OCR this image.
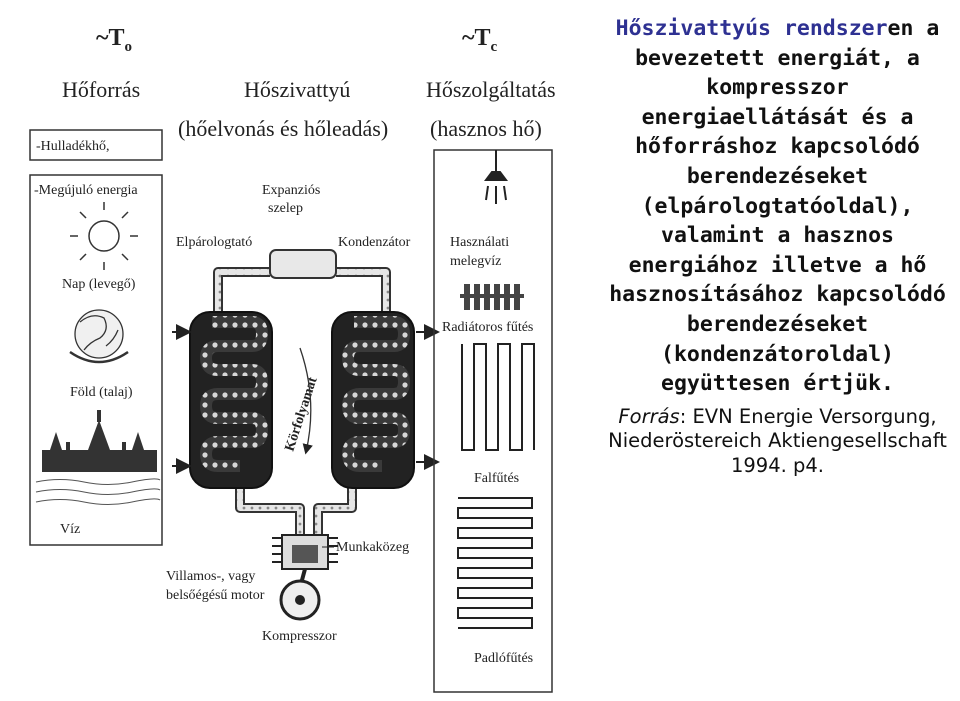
$\sim T_o$	$\sim T_c$
Hőforrás	Hőszivattyú
(hőelvonás és hőleadás)
Hőszolgáltatás
(hasznos hő)
-Hulladékhő,
-Megújuló energia
Nap (levegő)
Föld (talaj)
Víz
Expanziós
szelep
Elpárologtató	Kondenzátor
Körfolyamat
Munkaközeg
Villamos-, vagy
belsőégésű motor
Kompresszor
Használati
melegvíz
Radiátoros fűtés
Falfűtés
Padlófűtés

Hőszivattyús rendszeren a bevezetett energiát, a kompresszor energiaellátását és a hőforráshoz kapcsolódó berendezéseket (elpárologtatóoldal), valamint a hasznos energiához illetve a hő hasznosításához kapcsolódó berendezéseket (kondenzátoroldal) együttesen értjük.

Forrás: EVN Energie Versorgung, Niederöstereich Aktiengesellschaft 1994. p4.
